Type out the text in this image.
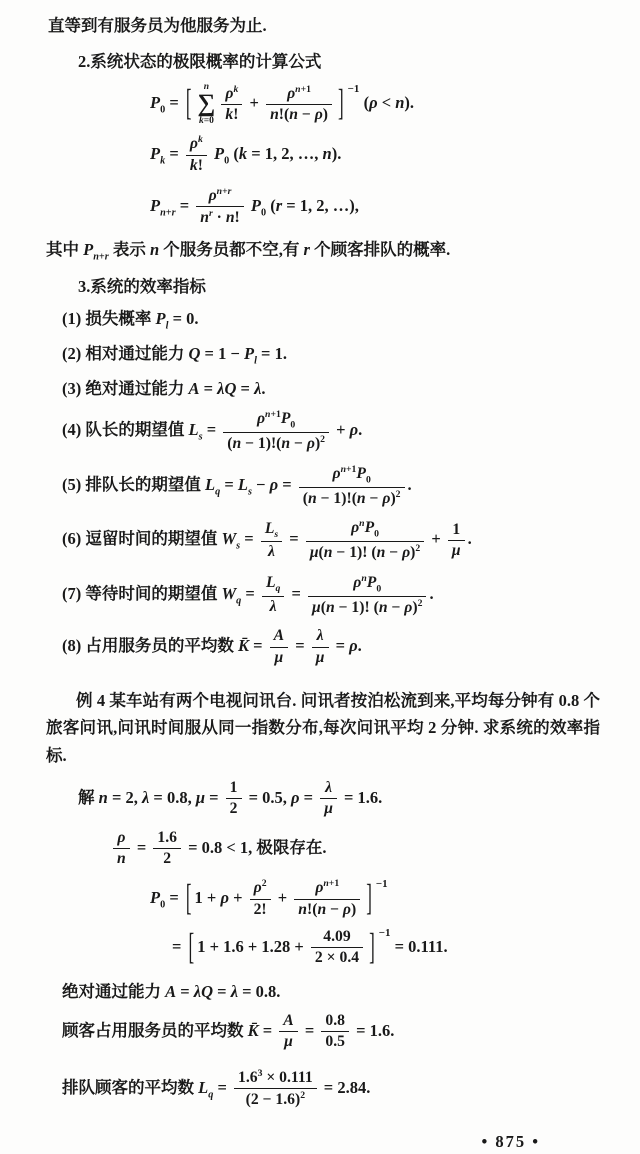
直等到有服务员为他服务为止.
2.系统状态的极限概率的计算公式
$P_0$ = [ n
∑
$k=0 \frac{\rho^k}{k!} + \frac{\rho^{n+1}}{n!(n - \rho)}$ ] $^{-1}$ (ρ < n).
$P_k = \frac{\rho^k}{k!} P_0$ (k = 1, 2, …, n).
$P_{n+r} = \frac{\rho^{n+r}}{n^r \cdot n!} P_0$ (r = 1, 2, …),
其中 $P_{n+r}$ 表示 n 个服务员都不空,有 r 个顾客排队的概率.
3.系统的效率指标
(1) 损失概率 $P_l = 0$.
(2) 相对通过能力 $Q = 1 - P_l = 1$.
(3) 绝对通过能力 A = λQ = λ.
(4) 队长的期望值 $L_s = \frac{\rho^{n+1}P_0}{(n - 1)!(n - \rho)^2} + \rho$.
(5) 排队长的期望值 $L_q = L_s - \rho = \frac{\rho^{n+1}P_0}{(n - 1)!(n - \rho)^2}$ .
(6) 逗留时间的期望值 $W_s = \frac{L_s}{\lambda} = \frac{\rho^nP_0}{\mu(n - 1)! (n - \rho)^2} + \frac{1}{\mu}$ .
(7) 等待时间的期望值 $W_q = \frac{L_q}{\lambda} = \frac{\rho^nP_0}{\mu(n - 1)! (n - \rho)^2}$ .
(8) 占用服务员的平均数 K̄ = $\frac{A}{\mu} = \frac{\lambda}{\mu} = \rho$.
例 4 某车站有两个电视问讯台. 问讯者按泊松流到来,平均每分钟有 0.8 个旅客问讯,问讯时间服从同一指数分布,每次问讯平均 2 分钟. 求系统的效率指标.
解 n = 2, λ = 0.8, $\mu = \frac{1}{2} = 0.5$, $\rho = \frac{\lambda}{\mu} = 1.6$.
$\frac{\rho}{n} = \frac{1.6}{2} = 0.8 < 1$, 极限存在.
$P_0$ = [ $1 + \rho + \frac{\rho^2}{2!} + \frac{\rho^{n+1}}{n!(n - \rho)}$ ] $^{-1}$
= [ $1 + 1.6 + 1.28 + \frac{4.09}{2 \times 0.4}$ ] $^{-1}$ = 0.111.
绝对通过能力 A = λQ = λ = 0.8.
顾客占用服务员的平均数 K̄ = $\frac{A}{\mu} = \frac{0.8}{0.5} = 1.6$.
排队顾客的平均数 $L_q = \frac{1.6^3 \times 0.111}{(2 - 1.6)^2} = 2.84$.
• 875 •
